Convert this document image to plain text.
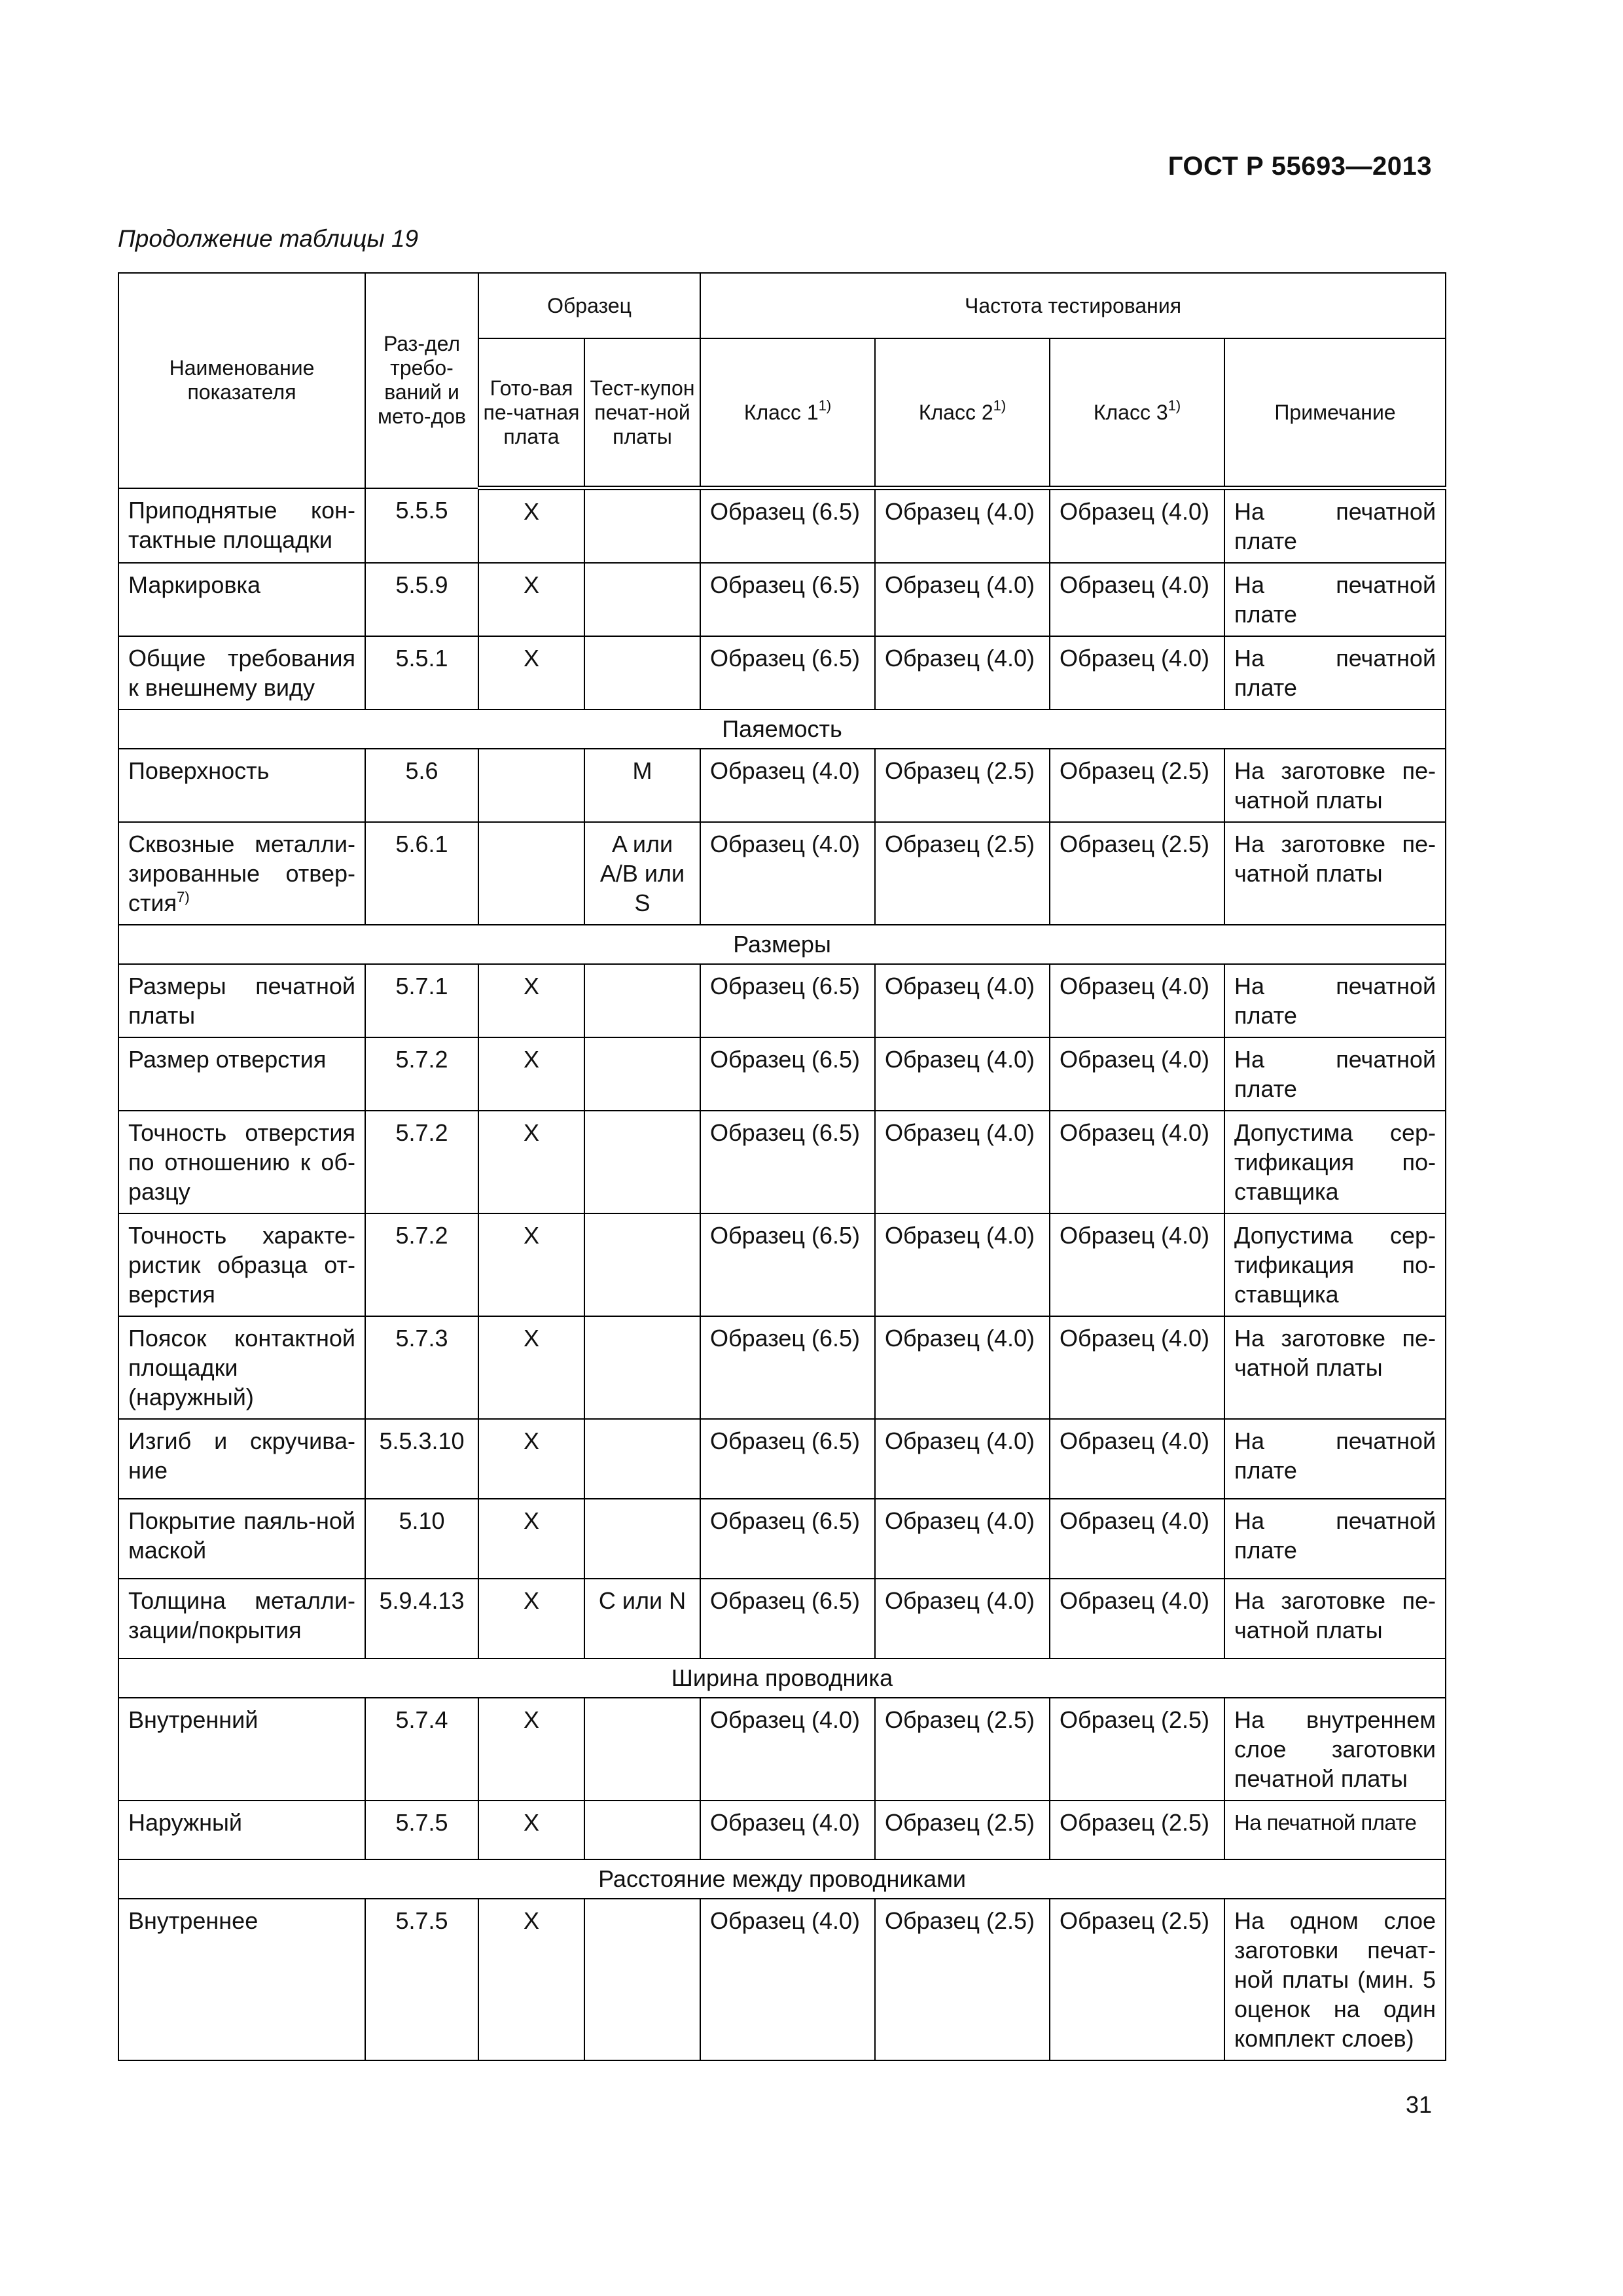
ГОСТ Р 55693—2013
Продолжение таблицы 19
Наименование показателя	Раз-дел требо-ваний и мето-дов	Образец		Частота тестирования			
		Гото-вая пе-чатная плата	Тест-купон печат-ной платы	Класс 1$^{1)}$	Класс 2$^{1)}$	Класс 3$^{1)}$	Примечание
Приподнятые кон-тактные площадки	5.5.5	X		Образец (6.5)	Образец (4.0)	Образец (4.0)	На печатной плате
Маркировка	5.5.9	X		Образец (6.5)	Образец (4.0)	Образец (4.0)	На печатной плате
Общие требования к внешнему виду	5.5.1	X		Образец (6.5)	Образец (4.0)	Образец (4.0)	На печатной плате
Паяемость							
Поверхность	5.6		M	Образец (4.0)	Образец (2.5)	Образец (2.5)	На заготовке пе-чатной платы
Сквозные металли-зированные отвер-стия$^{7)}$	5.6.1		A или A/B или S	Образец (4.0)	Образец (2.5)	Образец (2.5)	На заготовке пе-чатной платы
Размеры							
Размеры печатной платы	5.7.1	X		Образец (6.5)	Образец (4.0)	Образец (4.0)	На печатной плате
Размер отверстия	5.7.2	X		Образец (6.5)	Образец (4.0)	Образец (4.0)	На печатной плате
Точность отверстия по отношению к об-разцу	5.7.2	X		Образец (6.5)	Образец (4.0)	Образец (4.0)	Допустима сер-тификация по-ставщика
Точность характе-ристик образца от-верстия	5.7.2	X		Образец (6.5)	Образец (4.0)	Образец (4.0)	Допустима сер-тификация по-ставщика
Поясок контактной площадки (наружный)	5.7.3	X		Образец (6.5)	Образец (4.0)	Образец (4.0)	На заготовке пе-чатной платы
Изгиб и скручива-ние	5.5.3.10	X		Образец (6.5)	Образец (4.0)	Образец (4.0)	На печатной плате
Покрытие паяль-ной маской	5.10	X		Образец (6.5)	Образец (4.0)	Образец (4.0)	На печатной плате
Толщина металли-зации/покрытия	5.9.4.13	X	C или N	Образец (6.5)	Образец (4.0)	Образец (4.0)	На заготовке пе-чатной платы
Ширина проводника							
Внутренний	5.7.4	X		Образец (4.0)	Образец (2.5)	Образец (2.5)	На внутреннем слое заготовки печатной платы
Наружный	5.7.5	X		Образец (4.0)	Образец (2.5)	Образец (2.5)	На печатной плате
Расстояние между проводниками							
Внутреннее	5.7.5	X		Образец (4.0)	Образец (2.5)	Образец (2.5)	На одном слое заготовки печат-ной платы (мин. 5 оценок на один комплект слоев)
31
